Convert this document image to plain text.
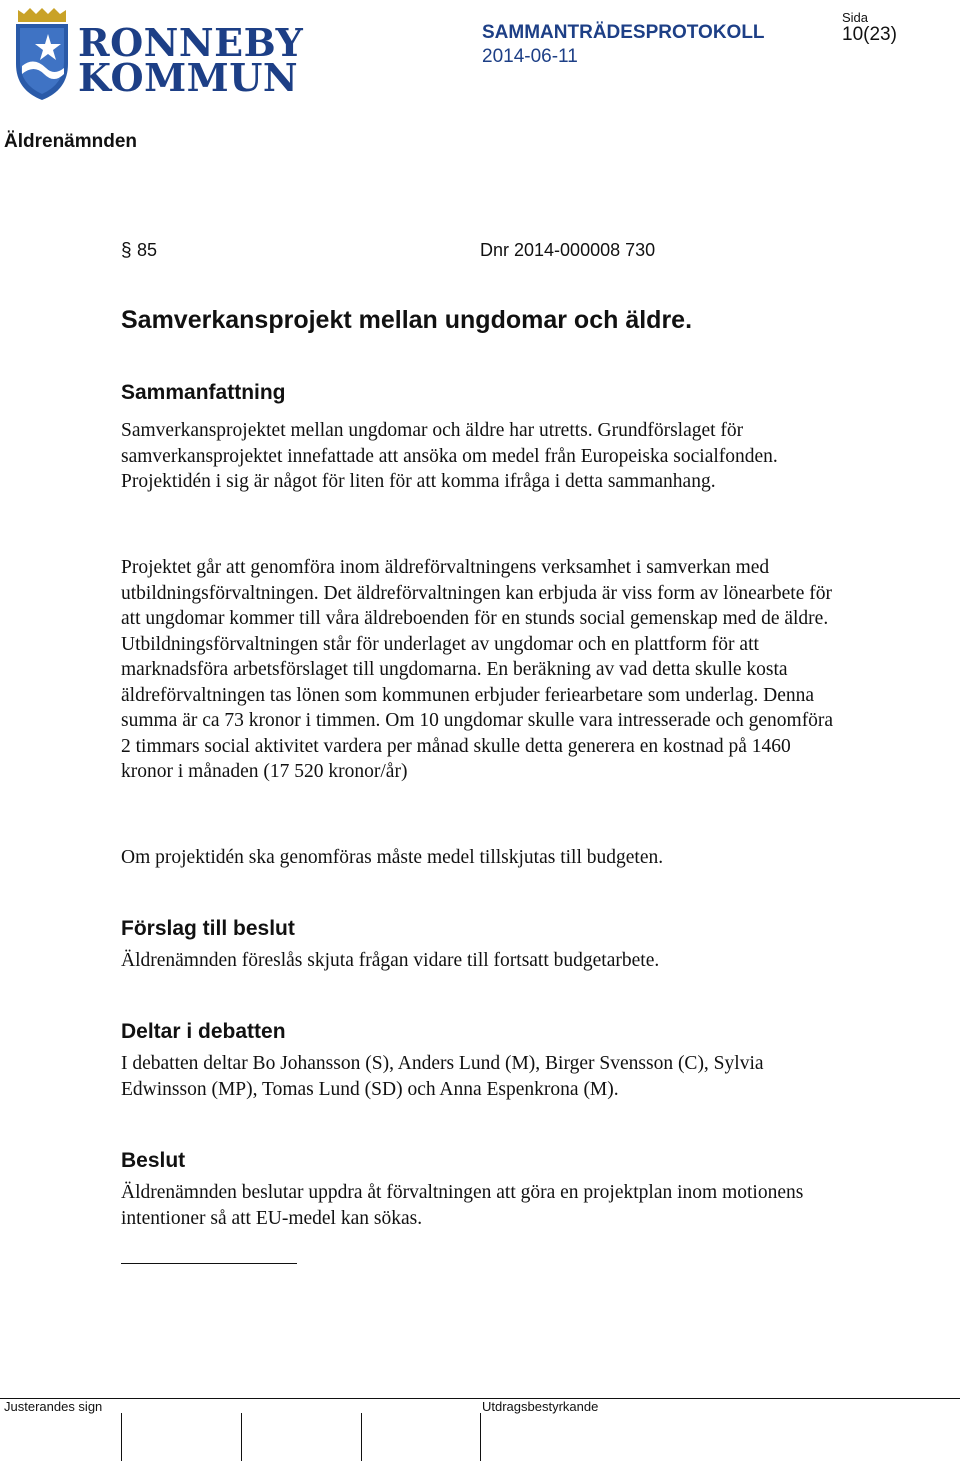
RONNEBY
KOMMUN
SAMMANTRÄDESPROTOKOLL
2014-06-11
Sida
10(23)
Äldrenämnden
§ 85	Dnr 2014-000008 730
Samverkansprojekt mellan ungdomar och äldre.
Sammanfattning
Samverkansprojektet mellan ungdomar och äldre har utretts. Grundförslaget för samverkansprojektet innefattade att ansöka om medel från Europeiska socialfonden. Projektidén i sig är något för liten för att komma ifråga i detta sammanhang.
Projektet går att genomföra inom äldreförvaltningens verksamhet i samverkan med utbildningsförvaltningen. Det äldreförvaltningen kan erbjuda är viss form av lönearbete för att ungdomar kommer till våra äldreboenden för en stunds social gemenskap med de äldre. Utbildningsförvaltningen står för underlaget av ungdomar och en plattform för att marknadsföra arbetsförslaget till ungdomarna. En beräkning av vad detta skulle kosta äldreförvaltningen tas lönen som kommunen erbjuder feriearbetare som underlag. Denna summa är ca 73 kronor i timmen. Om 10 ungdomar skulle vara intresserade och genomföra 2 timmars social aktivitet vardera per månad skulle detta generera en kostnad på 1460 kronor i månaden (17 520 kronor/år)
Om projektidén ska genomföras måste medel tillskjutas till budgeten.
Förslag till beslut
Äldrenämnden föreslås skjuta frågan vidare till fortsatt budgetarbete.
Deltar i debatten
I debatten deltar Bo Johansson (S), Anders Lund (M), Birger Svensson (C), Sylvia Edwinsson (MP), Tomas Lund (SD) och Anna Espenkrona (M).
Beslut
Äldrenämnden beslutar uppdra åt förvaltningen att göra en projektplan inom motionens intentioner så att EU-medel kan sökas.
Justerandes sign	Utdragsbestyrkande
